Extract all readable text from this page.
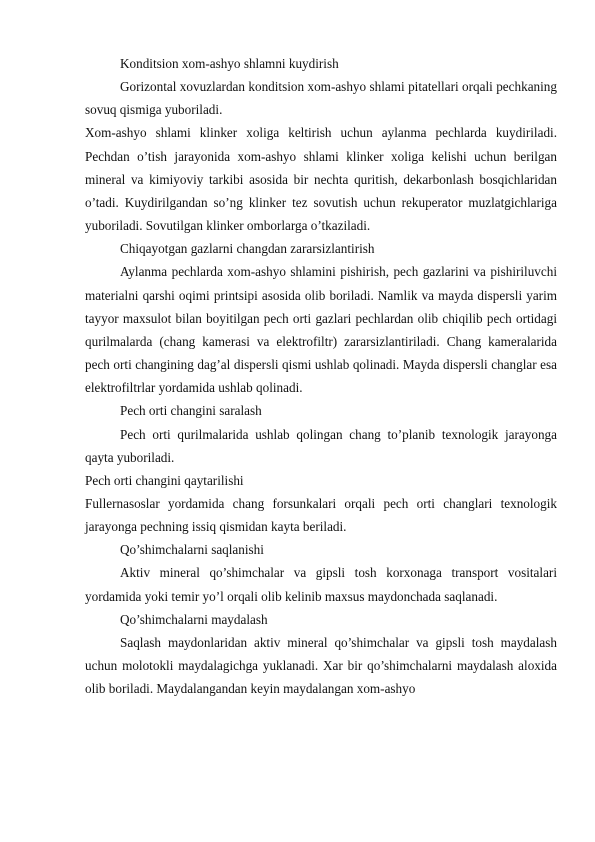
Konditsion xom-ashyo shlamni kuydirish

Gorizontal xovuzlardan konditsion xom-ashyo shlami pitatellari orqali pechkaning sovuq qismiga yuboriladi.

Xom-ashyo shlami klinker xoliga keltirish uchun aylanma pechlarda kuydiriladi. Pechdan o’tish jarayonida xom-ashyo shlami klinker xoliga kelishi uchun berilgan mineral va kimiyoviy tarkibi asosida bir nechta quritish, dekarbonlash bosqichlaridan o’tadi. Kuydirilgandan so’ng klinker tez sovutish uchun rekuperator muzlatgichlariga yuboriladi. Sovutilgan klinker omborlarga o’tkaziladi.

Chiqayotgan gazlarni changdan zararsizlantirish

Aylanma pechlarda xom-ashyo shlamini pishirish, pech gazlarini va pishiriluvchi materialni qarshi oqimi printsipi asosida olib boriladi. Namlik va mayda dispersli yarim tayyor maxsulot bilan boyitilgan pech orti gazlari pechlardan olib chiqilib pech ortidagi qurilmalarda (chang kamerasi va elektrofiltr) zararsizlantiriladi. Chang kameralarida pech orti changining dag’al dispersli qismi ushlab qolinadi. Mayda dispersli changlar esa elektrofiltrlar yordamida ushlab qolinadi.

Pech orti changini saralash

Pech orti qurilmalarida ushlab qolingan chang to’planib texnologik jarayonga qayta yuboriladi.

Pech orti changini qaytarilishi

Fullernasoslar yordamida chang forsunkalari orqali pech orti changlari texnologik jarayonga pechning issiq qismidan kayta beriladi.

Qo’shimchalarni saqlanishi

Aktiv mineral qo’shimchalar va gipsli tosh korxonaga transport vositalari yordamida yoki temir yo’l orqali olib kelinib maxsus maydonchada saqlanadi.

Qo’shimchalarni maydalash

Saqlash maydonlaridan aktiv mineral qo’shimchalar va gipsli tosh maydalash uchun molotokli maydalagichga yuklanadi. Xar bir qo’shimchalarni maydalash aloxida olib boriladi. Maydalangandan keyin maydalangan xom-ashyo
